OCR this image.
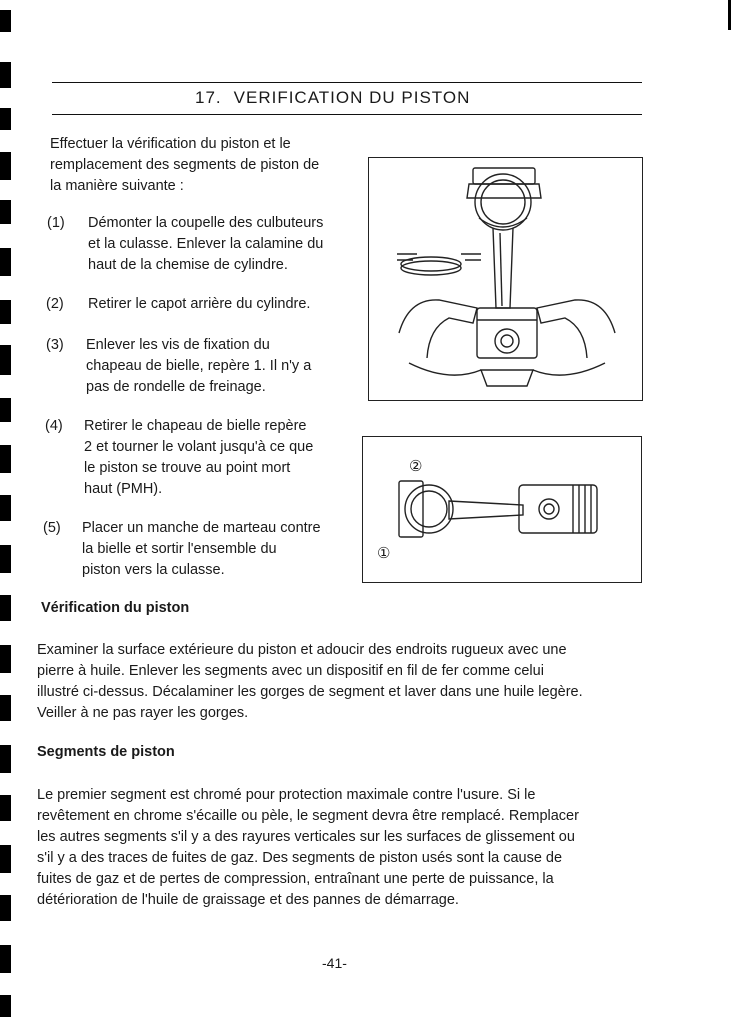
17. VERIFICATION DU PISTON
Effectuer la vérification du piston et le
remplacement des segments de piston de
la manière suivante :
(1) Démonter la coupelle des culbuteurs
et la culasse. Enlever la calamine du
haut de la chemise de cylindre.
(2) Retirer le capot arrière du cylindre.
(3) Enlever les vis de fixation du
chapeau de bielle, repère 1. Il n'y a
pas de rondelle de freinage.
(4) Retirer le chapeau de bielle repère
2 et tourner le volant jusqu'à ce que
le piston se trouve au point mort
haut (PMH).
(5) Placer un manche de marteau contre
la bielle et sortir l'ensemble du
piston vers la culasse.
②
①
Vérification du piston
Examiner la surface extérieure du piston et adoucir des endroits rugueux avec une
pierre à huile. Enlever les segments avec un dispositif en fil de fer comme celui
illustré ci-dessus. Décalaminer les gorges de segment et laver dans une huile legère.
Veiller à ne pas rayer les gorges.
Segments de piston
Le premier segment est chromé pour protection maximale contre l'usure. Si le
revêtement en chrome s'écaille ou pèle, le segment devra être remplacé. Remplacer
les autres segments s'il y a des rayures verticales sur les surfaces de glissement ou
s'il y a des traces de fuites de gaz. Des segments de piston usés sont la cause de
fuites de gaz et de pertes de compression, entraînant une perte de puissance, la
détérioration de l'huile de graissage et des pannes de démarrage.
-41-
